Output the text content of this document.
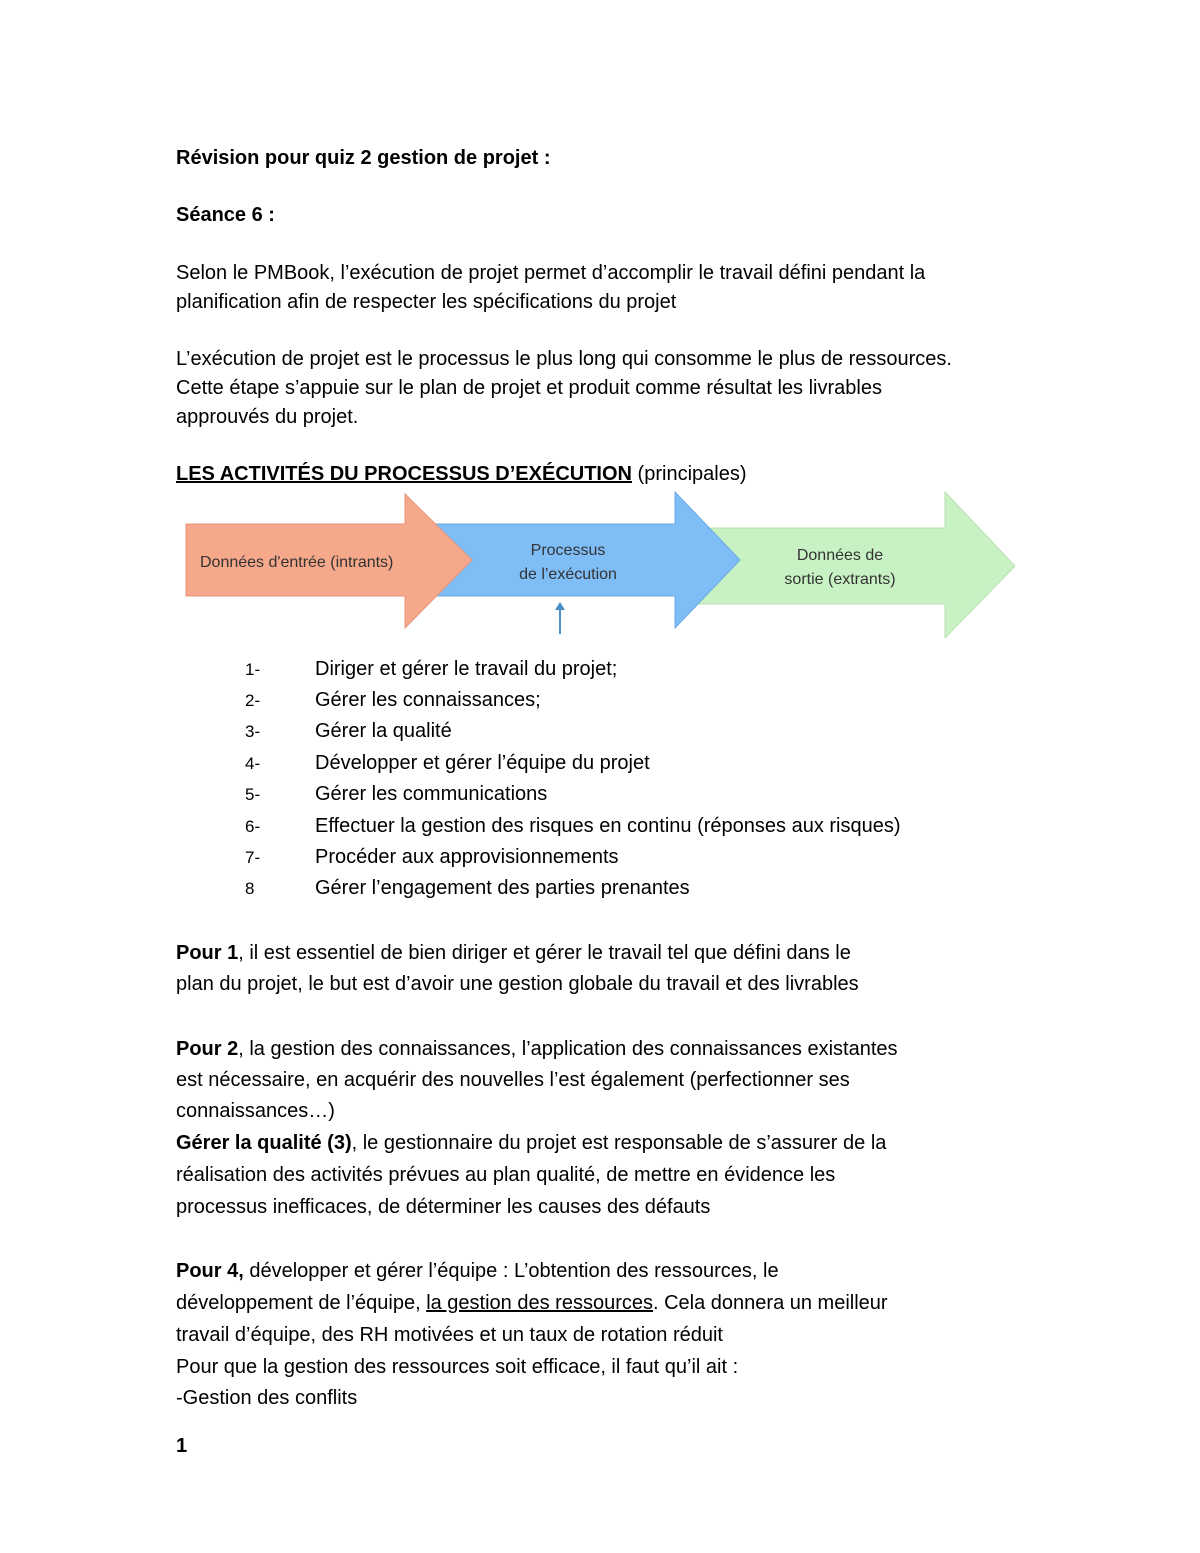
Révision pour quiz 2 gestion de projet :
Séance 6 :
Selon le PMBook, l’exécution de projet permet d’accomplir le travail défini pendant la
planification afin de respecter les spécifications du projet
L’exécution de projet est le processus le plus long qui consomme le plus de ressources.
Cette étape s’appuie sur le plan de projet et produit comme résultat les livrables
approuvés du projet.
LES ACTIVITÉS DU PROCESSUS D’EXÉCUTION (principales)
Données d'entrée (intrants)
Processus
de l’exécution
Données de
sortie (extrants)
1-	Diriger et gérer le travail du projet;
2-	Gérer les connaissances;
3-	Gérer la qualité
4-	Développer et gérer l’équipe du projet
5-	Gérer les communications
6-	Effectuer la gestion des risques en continu (réponses aux risques)
7-	Procéder aux approvisionnements
8	Gérer l’engagement des parties prenantes
Pour 1, il est essentiel de bien diriger et gérer le travail tel que défini dans le
plan du projet, le but est d’avoir une gestion globale du travail et des livrables
Pour 2, la gestion des connaissances, l’application des connaissances existantes
est nécessaire, en acquérir des nouvelles l’est également (perfectionner ses
connaissances…)
Gérer la qualité (3), le gestionnaire du projet est responsable de s’assurer de la
réalisation des activités prévues au plan qualité, de mettre en évidence les
processus inefficaces, de déterminer les causes des défauts
Pour 4, développer et gérer l’équipe : L’obtention des ressources, le
développement de l’équipe, la gestion des ressources. Cela donnera un meilleur
travail d’équipe, des RH motivées et un taux de rotation réduit
Pour que la gestion des ressources soit efficace, il faut qu’il ait :
-Gestion des conflits
1
